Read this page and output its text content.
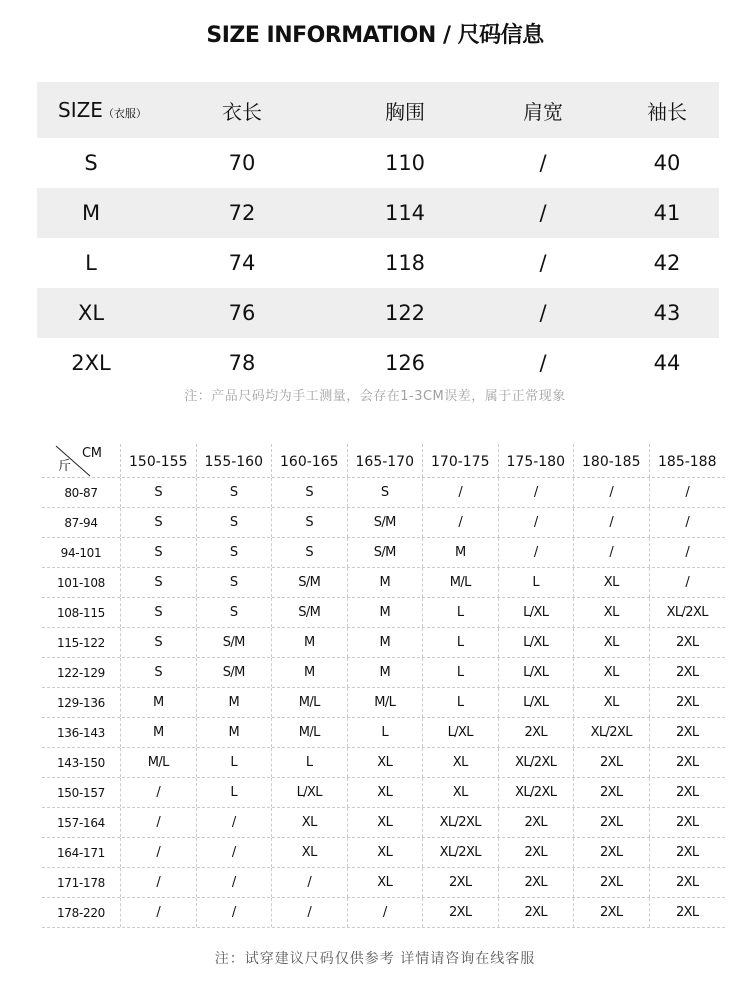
SIZE INFORMATION / 尺码信息
SIZE（衣服）	衣长	胸围	肩宽	袖长
S	70	110	/	40
M	72	114	/	41
L	74	118	/	42
XL	76	122	/	43
2XL	78	126	/	44
注：产品尺码均为手工测量，会存在1-3CM误差，属于正常现象
斤
CM	150-155	155-160	160-165	165-170	170-175	175-180	180-185	185-188
80-87	S	S	S	S	/	/	/	/
87-94	S	S	S	S/M	/	/	/	/
94-101	S	S	S	S/M	M	/	/	/
101-108	S	S	S/M	M	M/L	L	XL	/
108-115	S	S	S/M	M	L	L/XL	XL	XL/2XL
115-122	S	S/M	M	M	L	L/XL	XL	2XL
122-129	S	S/M	M	M	L	L/XL	XL	2XL
129-136	M	M	M/L	M/L	L	L/XL	XL	2XL
136-143	M	M	M/L	L	L/XL	2XL	XL/2XL	2XL
143-150	M/L	L	L	XL	XL	XL/2XL	2XL	2XL
150-157	/	L	L/XL	XL	XL	XL/2XL	2XL	2XL
157-164	/	/	XL	XL	XL/2XL	2XL	2XL	2XL
164-171	/	/	XL	XL	XL/2XL	2XL	2XL	2XL
171-178	/	/	/	XL	2XL	2XL	2XL	2XL
178-220	/	/	/	/	2XL	2XL	2XL	2XL
注：试穿建议尺码仅供参考 详情请咨询在线客服
